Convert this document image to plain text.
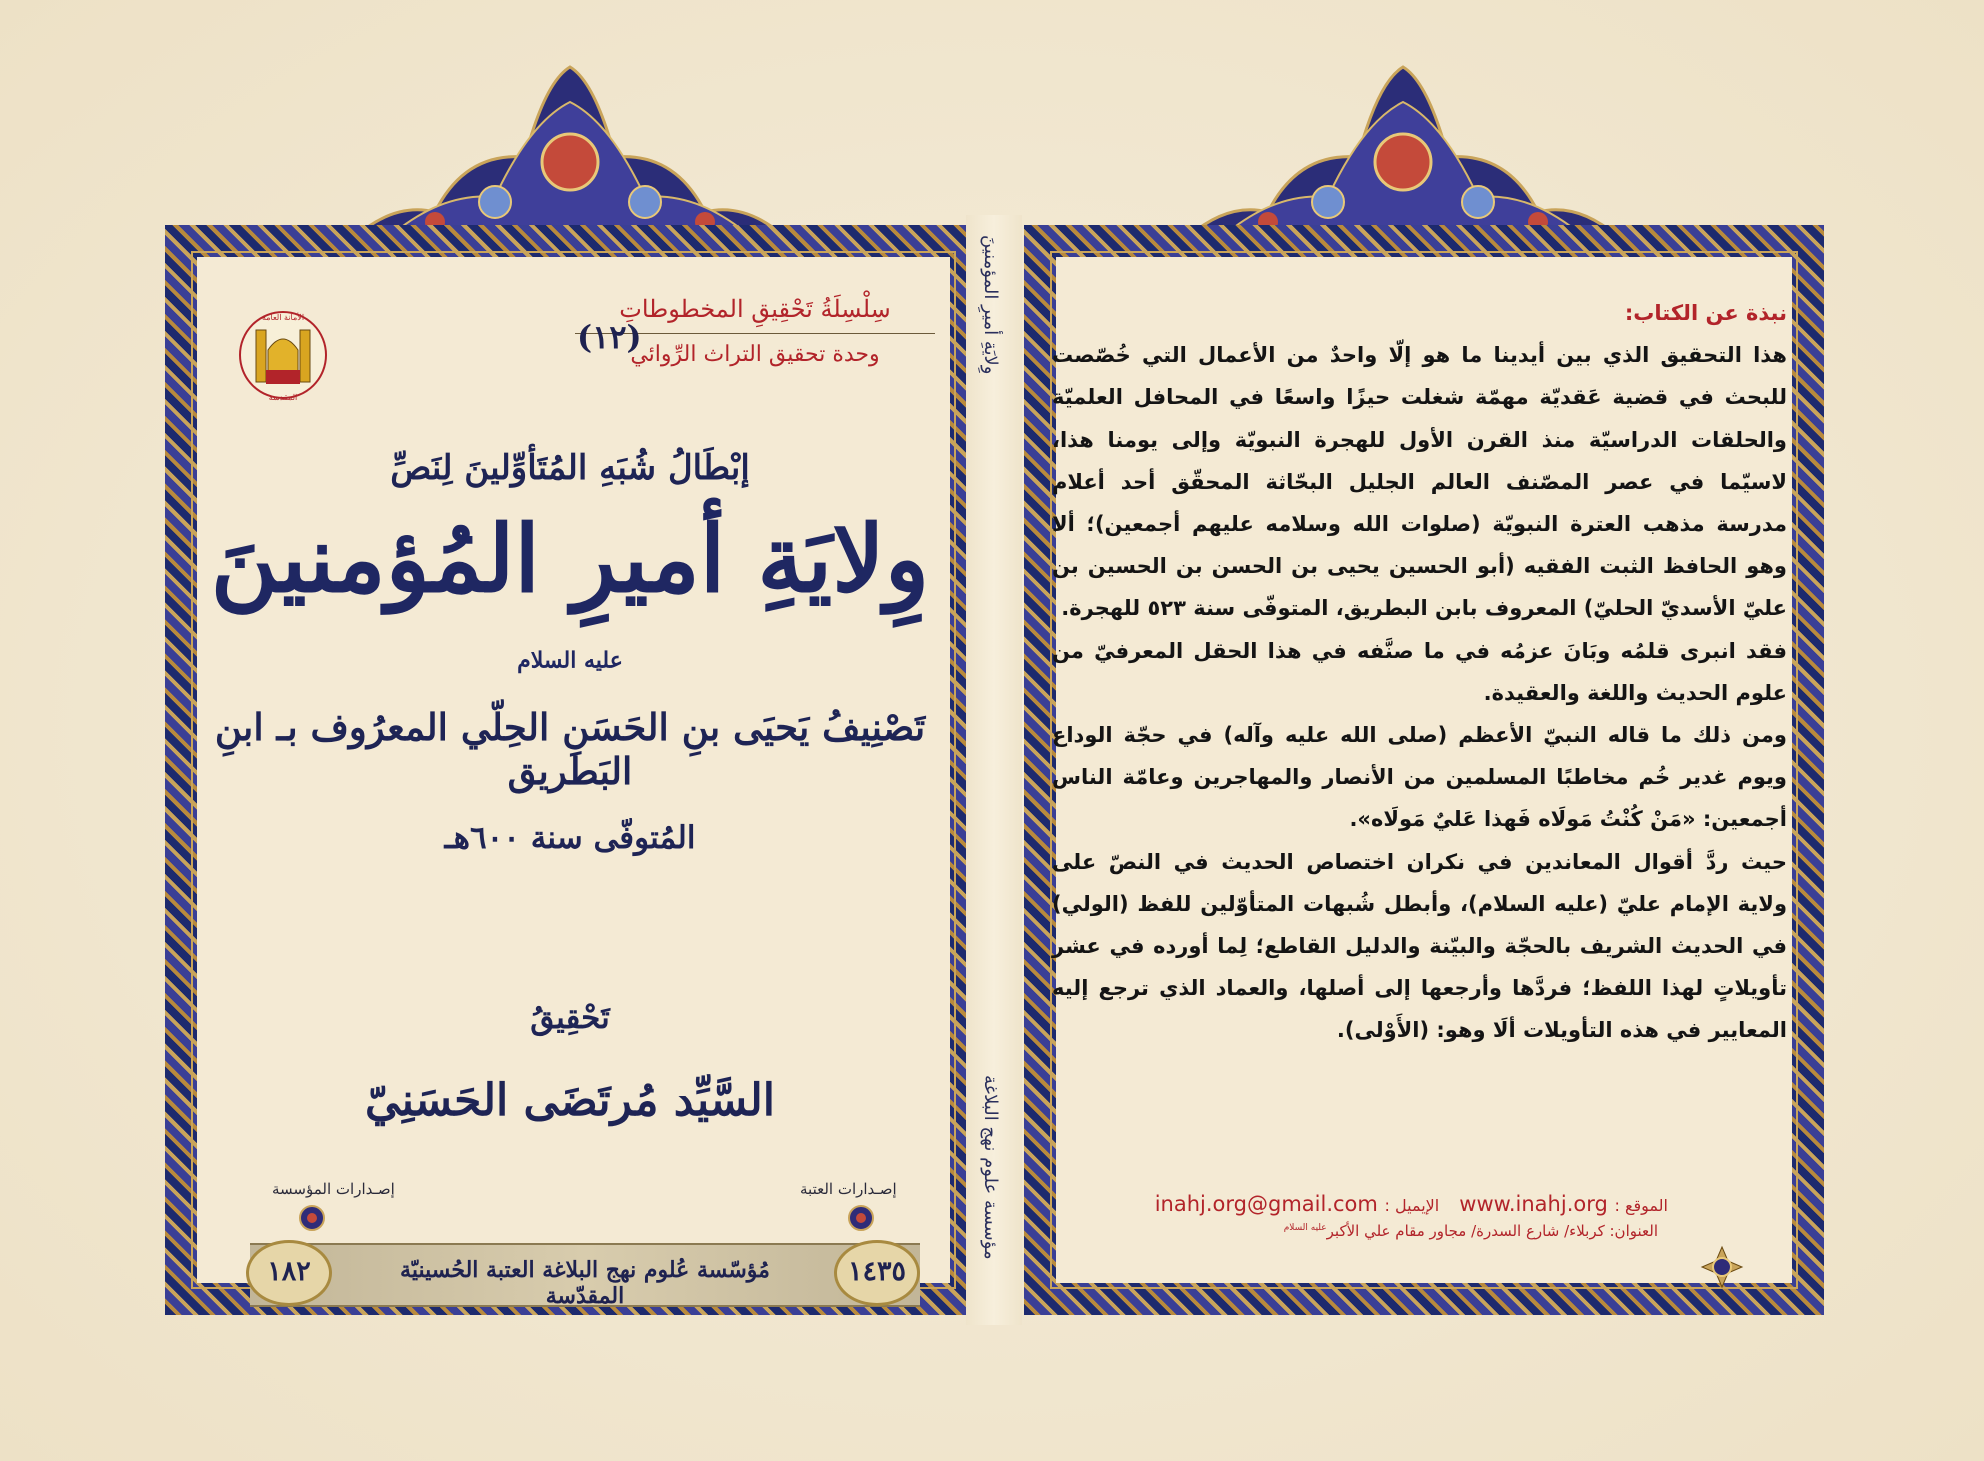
وِلايَةِ أميرِ المؤمنينَ
مؤسسة علوم نهج البلاغة
الأمانة العامة
المقدسة

سِلْسِلَةُ تَحْقِيقِ المخطوطاتِ

وحدة تحقيق التراث الرِّوائي

(١٢)
إبْطَالُ شُبَهِ المُتَأوِّلينَ لِنَصِّ
وِلايَةِ أميرِ المُؤمنينَ $^{عليه السلام}$
تَصْنِيفُ يَحيَى بنِ الحَسَنِ الحِلّي المعرُوف بـ ابنِ البَطريق
المُتوفّى سنة ٦٠٠هـ
تَحْقِيقُ
السَّيِّد مُرتَضَى الحَسَنِيّ
إصـدارات المؤسسة	إصـدارات العتبة
مُؤسّسة عُلوم نهج البلاغة العتبة الحُسينيّة المقدّسة
١٨٢	١٤٣٥

نبذة عن الكتاب:

هذا التحقيق الذي بين أيدينا ما هو إلّا واحدٌ من الأعمال التي خُصّصت للبحث في قضية عَقديّة مهمّة شغلت حيزًا واسعًا في المحافل العلميّة والحلقات الدراسيّة منذ القرن الأول للهجرة النبويّة وإلى يومنا هذا، لاسيّما في عصر المصّنف العالم الجليل البحّاثة المحقّق أحد أعلام مدرسة مذهب العترة النبويّة (صلوات الله وسلامه عليهم أجمعين)؛ ألا وهو الحافظ الثبت الفقيه (أبو الحسين يحيى بن الحسن بن الحسين بن عليّ الأسديّ الحليّ) المعروف بابن البطريق، المتوفّى سنة ٥٢٣ للهجرة.

فقد انبرى قلمُه وبَانَ عزمُه في ما صنَّفه في هذا الحقل المعرفيّ من علوم الحديث واللغة والعقيدة.

ومن ذلك ما قاله النبيّ الأعظم (صلى الله عليه وآله) في حجّة الوداع ويوم غدير خُم مخاطبًا المسلمين من الأنصار والمهاجرين وعامّة الناس أجمعين: «مَنْ كُنْتُ مَولَاه فَهذا عَليٌ مَولَاه».

حيث ردَّ أقوال المعاندين في نكران اختصاص الحديث في النصّ على ولاية الإمام عليّ (عليه السلام)، وأبطل شُبهات المتأوّلين للفظ (الولي) في الحديث الشريف بالحجّة والبيّنة والدليل القاطع؛ لِما أورده في عشر تأويلاتٍ لهذا اللفظ؛ فردَّها وأرجعها إلى أصلها، والعماد الذي ترجع إليه المعايير في هذه التأويلات ألَا وهو: (الأَوْلى).

الموقع : www.inahj.org   الإيميل : inahj.org@gmail.com

العنوان: كربلاء/ شارع السدرة/ مجاور مقام علي الأكبر$^{عليه السلام}$
